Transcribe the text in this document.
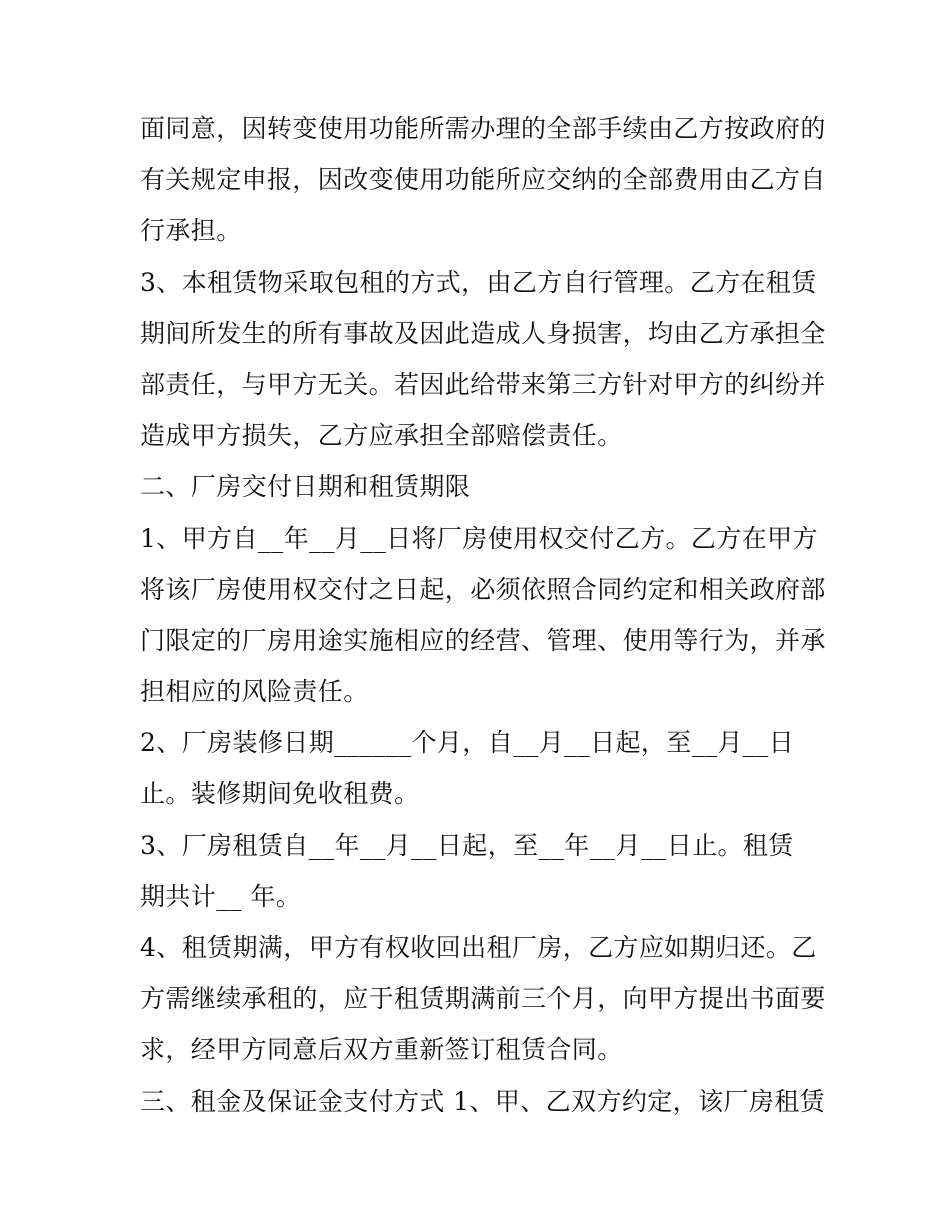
面同意，因转变使用功能所需办理的全部手续由乙方按政府的
有关规定申报，因改变使用功能所应交纳的全部费用由乙方自
行承担。
3、本租赁物采取包租的方式，由乙方自行管理。乙方在租赁
期间所发生的所有事故及因此造成人身损害，均由乙方承担全
部责任，与甲方无关。若因此给带来第三方针对甲方的纠纷并
造成甲方损失，乙方应承担全部赔偿责任。
二、厂房交付日期和租赁期限
1、甲方自__年__月__日将厂房使用权交付乙方。乙方在甲方
将该厂房使用权交付之日起，必须依照合同约定和相关政府部
门限定的厂房用途实施相应的经营、管理、使用等行为，并承
担相应的风险责任。
2、厂房装修日期______个月，自__月__日起，至__月__日
止。装修期间免收租费。
3、厂房租赁自__年__月__日起，至__年__月__日止。租赁
期共计__ 年。
4、租赁期满，甲方有权收回出租厂房，乙方应如期归还。乙
方需继续承租的，应于租赁期满前三个月，向甲方提出书面要
求，经甲方同意后双方重新签订租赁合同。
三、租金及保证金支付方式 1、甲、乙双方约定，该厂房租赁
